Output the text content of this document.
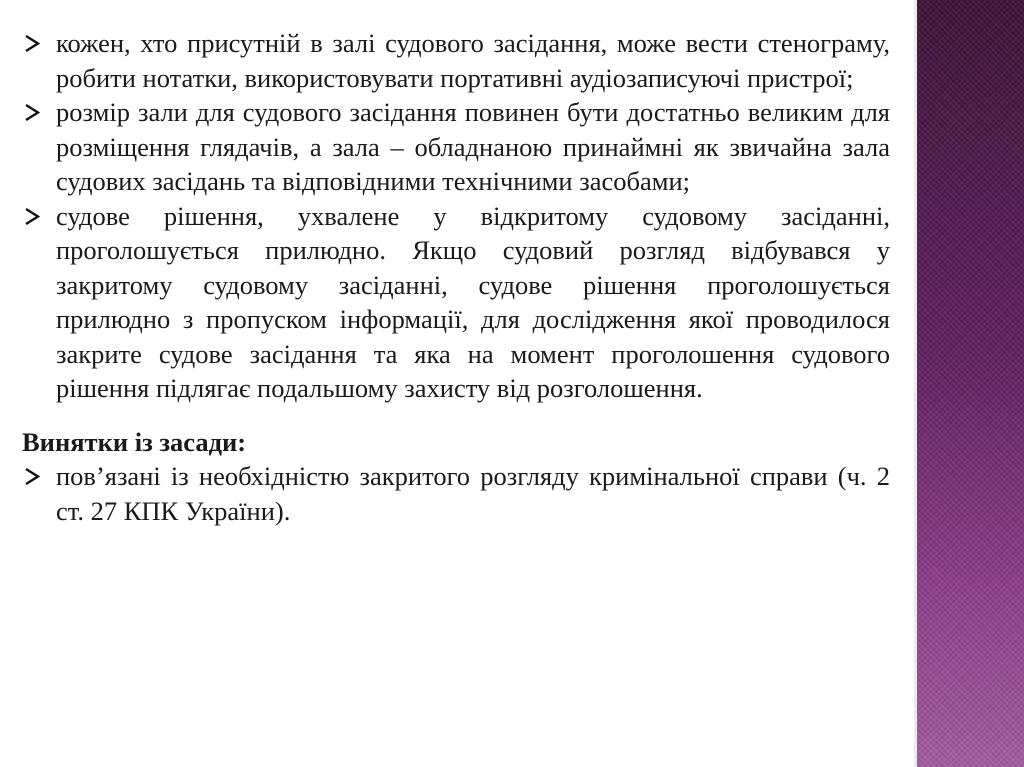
кожен, хто присутній в залі судового засідання, може вести стенограму, робити нотатки, використовувати портативні аудіозаписуючі пристрої;
розмір зали для судового засідання повинен бути достатньо великим для розміщення глядачів, а зала – обладнаною принаймні як звичайна зала судових засідань та відповідними технічними засобами;
судове рішення, ухвалене у відкритому судовому засіданні, проголошується прилюдно. Якщо судовий розгляд відбувався у закритому судовому засіданні, судове рішення проголошується прилюдно з пропуском інформації, для дослідження якої проводилося закрите судове засідання та яка на момент проголошення судового рішення підлягає подальшому захисту від розголошення.
Винятки із засади:
пов’язані із необхідністю закритого розгляду кримінальної справи (ч. 2 ст. 27 КПК України).
